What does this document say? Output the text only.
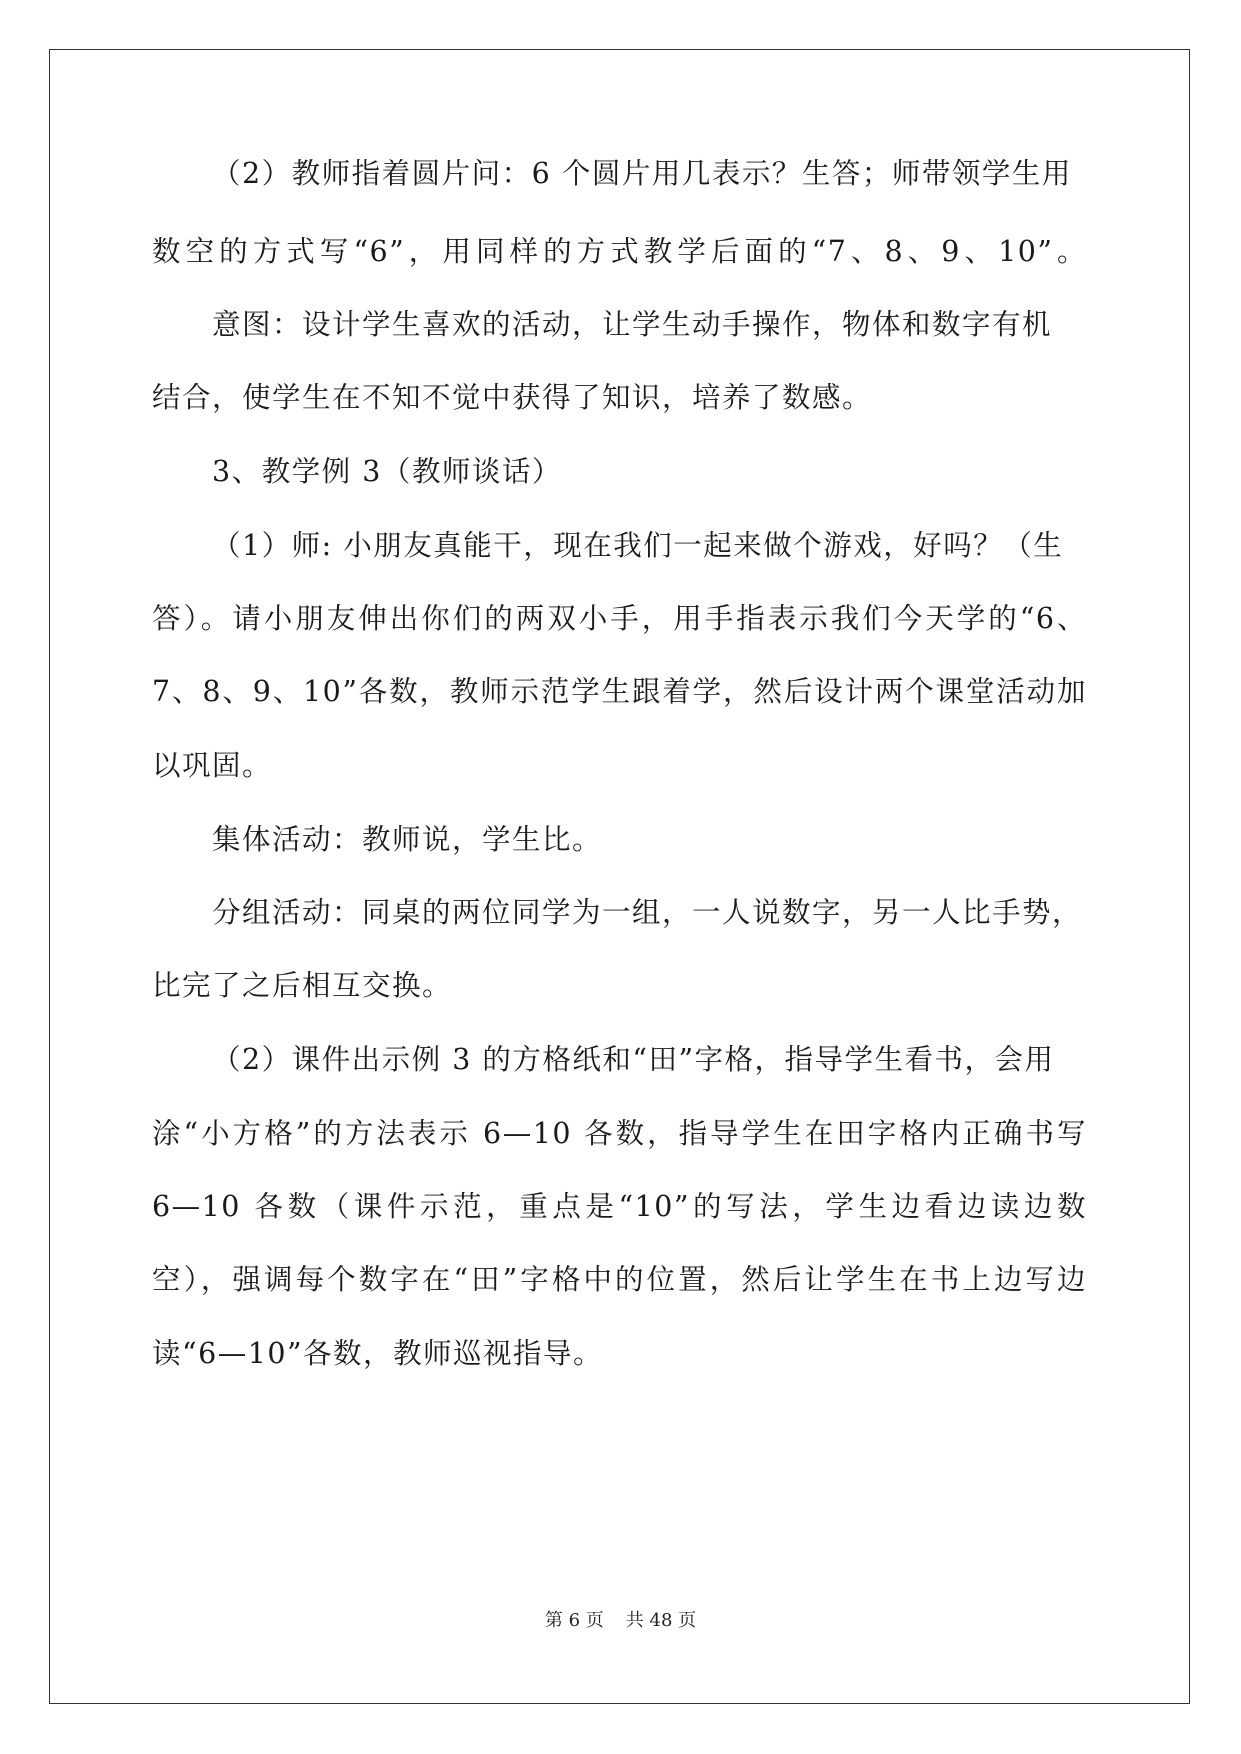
（2）教师指着圆片问：6 个圆片用几表示？生答；师带领学生用
数空的方式写“6”，用同样的方式教学后面的“7、8、9、10”。
意图：设计学生喜欢的活动，让学生动手操作，物体和数字有机
结合，使学生在不知不觉中获得了知识，培养了数感。
3、教学例 3（教师谈话）
（1）师: 小朋友真能干，现在我们一起来做个游戏，好吗？（生
答）。请小朋友伸出你们的两双小手，用手指表示我们今天学的“6、
7、8、9、10”各数，教师示范学生跟着学，然后设计两个课堂活动加
以巩固。
集体活动：教师说，学生比。
分组活动：同桌的两位同学为一组，一人说数字，另一人比手势，
比完了之后相互交换。
（2）课件出示例 3 的方格纸和“田”字格，指导学生看书，会用
涂“小方格”的方法表示 6—10 各数，指导学生在田字格内正确书写
6—10 各数（课件示范，重点是“10”的写法，学生边看边读边数
空），强调每个数字在“田”字格中的位置，然后让学生在书上边写边
读“6—10”各数，教师巡视指导。
第 6 页 共 48 页
